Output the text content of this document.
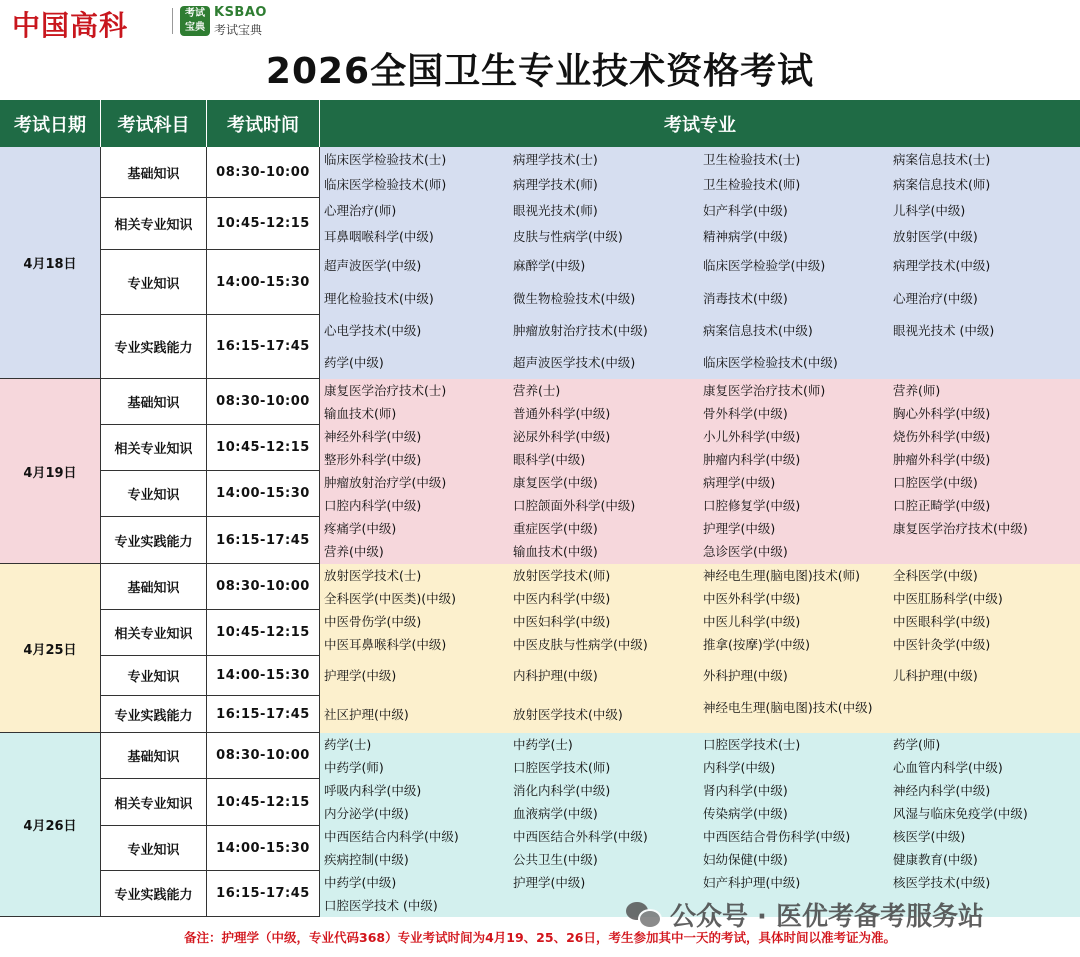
中国高科	考试
宝典
KSBAO
考试宝典
2026全国卫生专业技术资格考试
考试日期	考试科目	考试时间	考试专业
4月18日
基础知识	08:30-10:00
临床医学检验技术(士)	病理学技术(士)	卫生检验技术(士)	病案信息技术(士)
临床医学检验技术(师)	病理学技术(师)	卫生检验技术(师)	病案信息技术(师)
相关专业知识	10:45-12:15
心理治疗(师)	眼视光技术(师)	妇产科学(中级)	儿科学(中级)
耳鼻咽喉科学(中级)	皮肤与性病学(中级)	精神病学(中级)	放射医学(中级)
专业知识	14:00-15:30
超声波医学(中级)	麻醉学(中级)	临床医学检验学(中级)	病理学技术(中级)
理化检验技术(中级)	微生物检验技术(中级)	消毒技术(中级)	心理治疗(中级)
专业实践能力	16:15-17:45
心电学技术(中级)	肿瘤放射治疗技术(中级)	病案信息技术(中级)	眼视光技术 (中级)
药学(中级)	超声波医学技术(中级)	临床医学检验技术(中级)
4月19日
基础知识	08:30-10:00
康复医学治疗技术(士)	营养(士)	康复医学治疗技术(师)	营养(师)
输血技术(师)	普通外科学(中级)	骨外科学(中级)	胸心外科学(中级)
相关专业知识	10:45-12:15
神经外科学(中级)	泌尿外科学(中级)	小儿外科学(中级)	烧伤外科学(中级)
整形外科学(中级)	眼科学(中级)	肿瘤内科学(中级)	肿瘤外科学(中级)
专业知识	14:00-15:30
肿瘤放射治疗学(中级)	康复医学(中级)	病理学(中级)	口腔医学(中级)
口腔内科学(中级)	口腔颌面外科学(中级)	口腔修复学(中级)	口腔正畸学(中级)
专业实践能力	16:15-17:45
疼痛学(中级)	重症医学(中级)	护理学(中级)	康复医学治疗技术(中级)
营养(中级)	输血技术(中级)	急诊医学(中级)
4月25日
基础知识	08:30-10:00
放射医学技术(士)	放射医学技术(师)	神经电生理(脑电图)技术(师)	全科医学(中级)
全科医学(中医类)(中级)	中医内科学(中级)	中医外科学(中级)	中医肛肠科学(中级)
相关专业知识	10:45-12:15
中医骨伤学(中级)	中医妇科学(中级)	中医儿科学(中级)	中医眼科学(中级)
中医耳鼻喉科学(中级)	中医皮肤与性病学(中级)	推拿(按摩)学(中级)	中医针灸学(中级)
专业知识	14:00-15:30	护理学(中级)	内科护理(中级)	外科护理(中级)	儿科护理(中级)
专业实践能力	16:15-17:45	社区护理(中级)	放射医学技术(中级)	神经电生理(脑电图)技术(中级)
4月26日
基础知识	08:30-10:00
药学(士)	中药学(士)	口腔医学技术(士)	药学(师)
中药学(师)	口腔医学技术(师)	内科学(中级)	心血管内科学(中级)
相关专业知识	10:45-12:15
呼吸内科学(中级)	消化内科学(中级)	肾内科学(中级)	神经内科学(中级)
内分泌学(中级)	血液病学(中级)	传染病学(中级)	风湿与临床免疫学(中级)
专业知识	14:00-15:30
中西医结合内科学(中级)	中西医结合外科学(中级)	中西医结合骨伤科学(中级)	核医学(中级)
疾病控制(中级)	公共卫生(中级)	妇幼保健(中级)	健康教育(中级)
专业实践能力	16:15-17:45
中药学(中级)	护理学(中级)	妇产科护理(中级)	核医学技术(中级)
口腔医学技术 (中级)	公众号 · 医优考备考服务站
备注：护理学（中级，专业代码368）专业考试时间为4月19、25、26日，考生参加其中一天的考试，具体时间以准考证为准。
